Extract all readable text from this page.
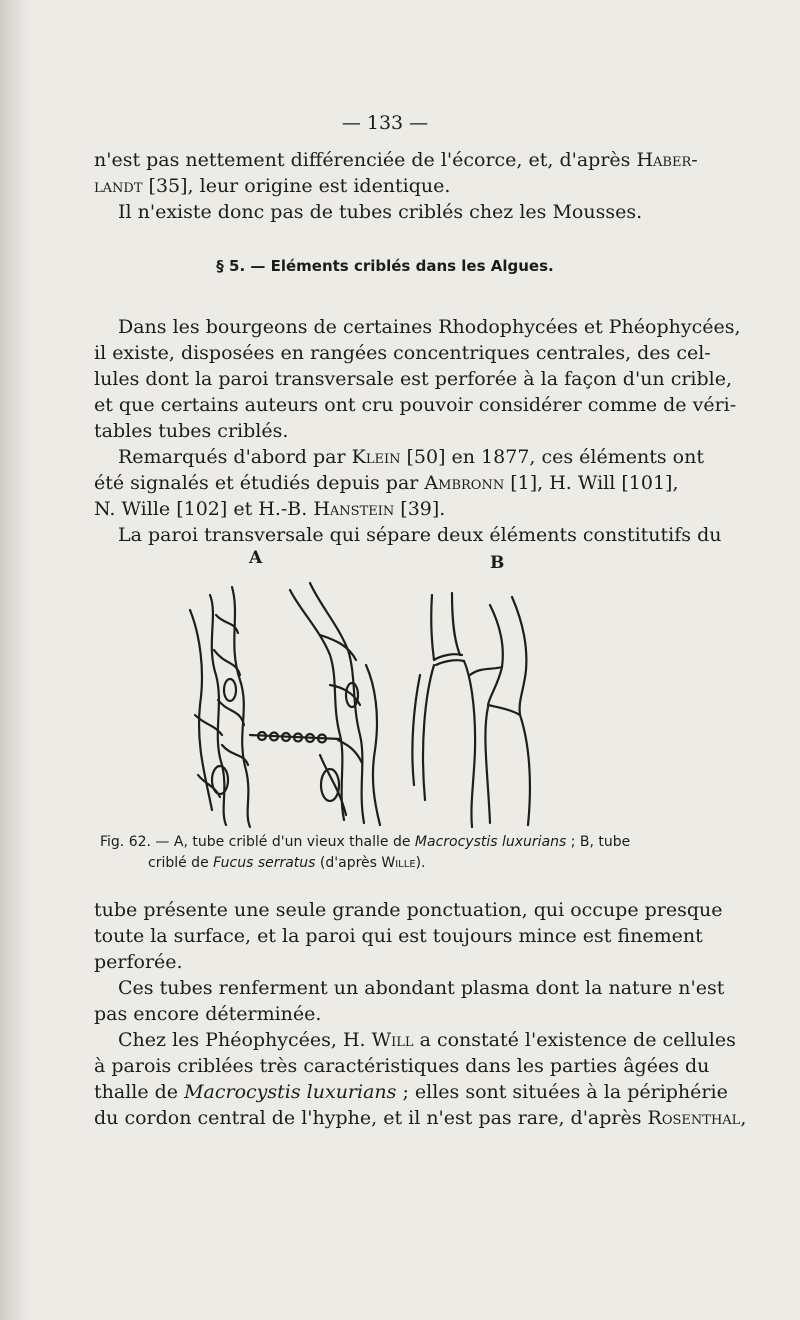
— 133 —
n'est pas nettement différenciée de l'écorce, et, d'après Haber-
landt [35], leur origine est identique.
Il n'existe donc pas de tubes criblés chez les Mousses.
§ 5. — Eléments criblés dans les Algues.
Dans les bourgeons de certaines Rhodophycées et Phéophycées,
il existe, disposées en rangées concentriques centrales, des cel-
lules dont la paroi transversale est perforée à la façon d'un crible,
et que certains auteurs ont cru pouvoir considérer comme de véri-
tables tubes criblés.
Remarqués d'abord par Klein [50] en 1877, ces éléments ont
été signalés et étudiés depuis par Ambronn [1], H. Will [101],
N. Wille [102] et H.-B. Hanstein [39].
La paroi transversale qui sépare deux éléments constitutifs du
A	B
Fig. 62. — A, tube criblé d'un vieux thalle de Macrocystis luxurians ; B, tube
criblé de Fucus serratus (d'après Wille).
tube présente une seule grande ponctuation, qui occupe presque
toute la surface, et la paroi qui est toujours mince est finement
perforée.
Ces tubes renferment un abondant plasma dont la nature n'est
pas encore déterminée.
Chez les Phéophycées, H. Will a constaté l'existence de cellules
à parois criblées très caractéristiques dans les parties âgées du
thalle de Macrocystis luxurians ; elles sont situées à la périphérie
du cordon central de l'hyphe, et il n'est pas rare, d'après Rosenthal,
